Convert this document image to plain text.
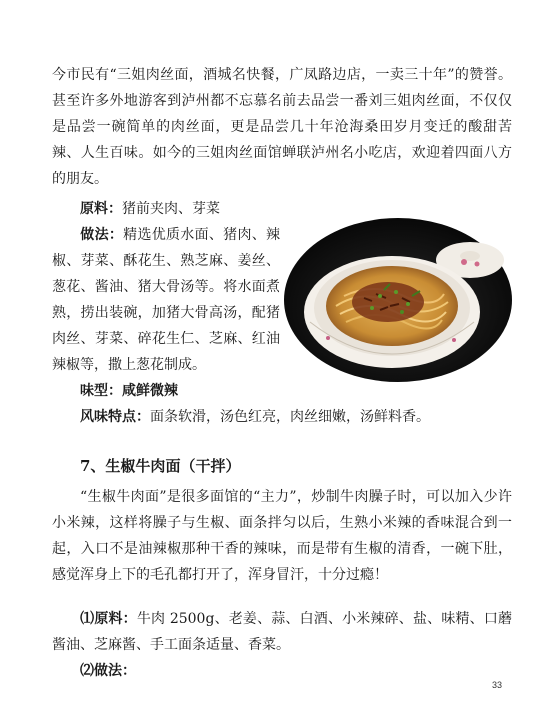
今市民有“三姐肉丝面，酒城名快餐，广凤路边店，一卖三十年”的赞誉。甚至许多外地游客到泸州都不忘慕名前去品尝一番刘三姐肉丝面，不仅仅是品尝一碗简单的肉丝面，更是品尝几十年沧海桑田岁月变迁的酸甜苦辣、人生百味。如今的三姐肉丝面馆蝉联泸州名小吃店，欢迎着四面八方的朋友。

原料：猪前夹肉、芽菜

做法：精选优质水面、猪肉、辣椒、芽菜、酥花生、熟芝麻、姜丝、葱花、酱油、猪大骨汤等。将水面煮熟，捞出装碗，加猪大骨高汤，配猪肉丝、芽菜、碎花生仁、芝麻、红油辣椒等，撒上葱花制成。

味型：咸鲜微辣

风味特点：面条软滑，汤色红亮，肉丝细嫩，汤鲜料香。

7、生椒牛肉面（干拌）

“生椒牛肉面”是很多面馆的“主力”，炒制牛肉臊子时，可以加入少许小米辣，这样将臊子与生椒、面条拌匀以后，生熟小米辣的香味混合到一起，入口不是油辣椒那种干香的辣味，而是带有生椒的清香，一碗下肚，感觉浑身上下的毛孔都打开了，浑身冒汗，十分过瘾！

⑴原料：牛肉 2500g、老姜、蒜、白酒、小米辣碎、盐、味精、口蘑酱油、芝麻酱、手工面条适量、香菜。

⑵做法：

33
